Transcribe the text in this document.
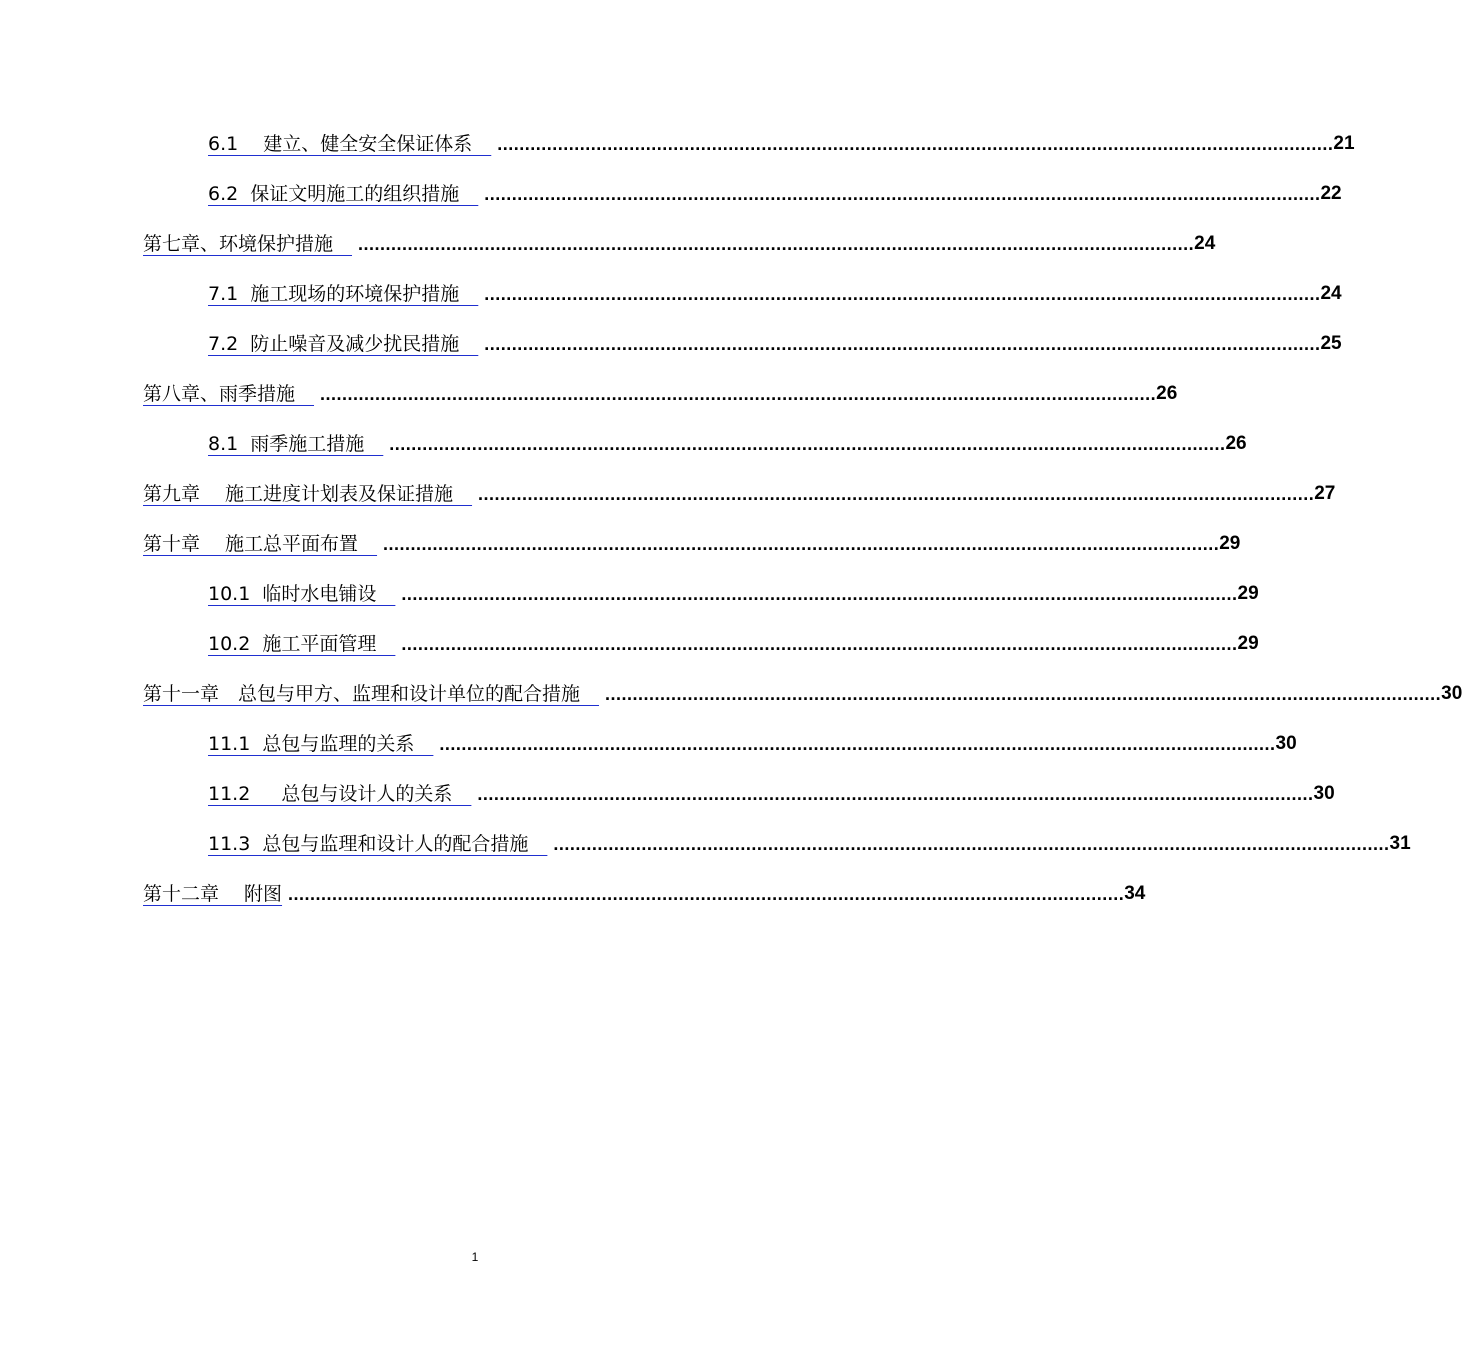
6.1　 建立、健全安全保证体系　 ........................................................................................................................................................ 21
6.2  保证文明施工的组织措施　 ........................................................................................................................................................ 22
第七章、环境保护措施　 ........................................................................................................................................................ 24
7.1  施工现场的环境保护措施　 ........................................................................................................................................................ 24
7.2  防止噪音及减少扰民措施　 ........................................................................................................................................................ 25
第八章、雨季措施　 ........................................................................................................................................................ 26
8.1  雨季施工措施　 ........................................................................................................................................................ 26
第九章　 施工进度计划表及保证措施　 ........................................................................................................................................................ 27
第十章　 施工总平面布置　 ........................................................................................................................................................ 29
10.1  临时水电铺设　 ........................................................................................................................................................ 29
10.2  施工平面管理　 ........................................................................................................................................................ 29
第十一章　总包与甲方、监理和设计单位的配合措施　 ........................................................................................................................................................ 30
11.1  总包与监理的关系　 ........................................................................................................................................................ 30
11.2  　总包与设计人的关系　 ........................................................................................................................................................ 30
11.3  总包与监理和设计人的配合措施　 ........................................................................................................................................................ 31
第十二章　 附图 ........................................................................................................................................................ 34
1
